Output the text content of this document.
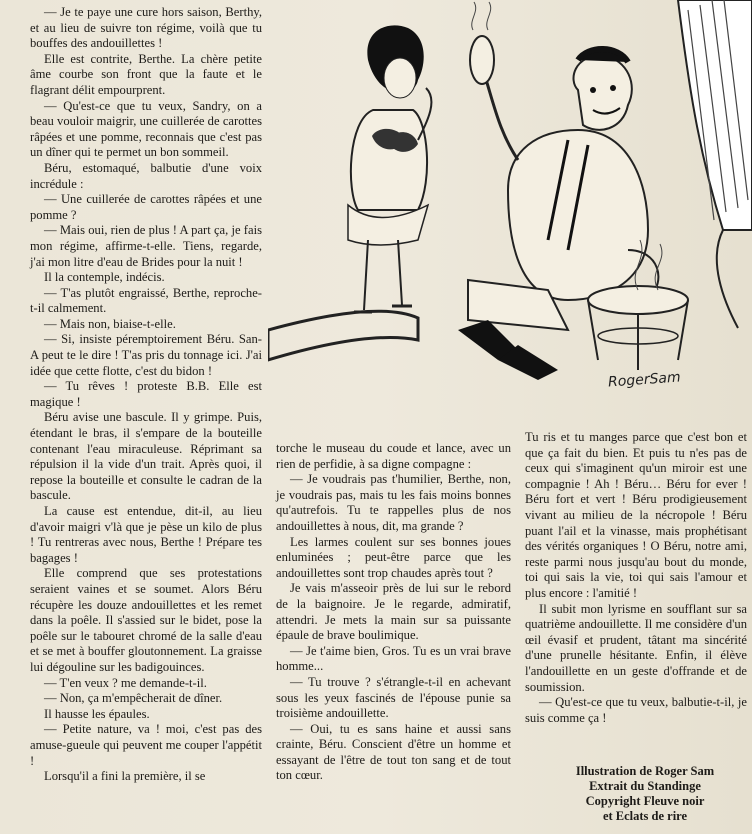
RogerSam

— Je te paye une cure hors saison, Berthy, et au lieu de suivre ton régime, voilà que tu bouffes des andouillettes !

Elle est contrite, Berthe. La chère petite âme courbe son front que la faute et le flagrant délit empourprent.

— Qu'est-ce que tu veux, Sandry, on a beau vouloir maigrir, une cuillerée de carottes râpées et une pomme, reconnais que c'est pas un dîner qui te permet un bon sommeil.

Béru, estomaqué, balbutie d'une voix incrédule :

— Une cuillerée de carottes râpées et une pomme ?

— Mais oui, rien de plus ! A part ça, je fais mon régime, affirme-t-elle. Tiens, regarde, j'ai mon litre d'eau de Brides pour la nuit !

Il la contemple, indécis.

— T'as plutôt engraissé, Berthe, reproche-t-il calmement.

— Mais non, biaise-t-elle.

— Si, insiste péremptoirement Béru. San-A peut te le dire ! T'as pris du tonnage ici. J'ai idée que cette flotte, c'est du bidon !

— Tu rêves ! proteste B.B. Elle est magique !

Béru avise une bascule. Il y grimpe. Puis, étendant le bras, il s'empare de la bouteille contenant l'eau miraculeuse. Réprimant sa répulsion il la vide d'un trait. Après quoi, il repose la bouteille et consulte le cadran de la bascule.

La cause est entendue, dit-il, au lieu d'avoir maigri v'là que je pèse un kilo de plus ! Tu rentreras avec nous, Berthe ! Prépare tes bagages !

Elle comprend que ses protestations seraient vaines et se soumet. Alors Béru récupère les douze andouillettes et les remet dans la poêle. Il s'assied sur le bidet, pose la poêle sur le tabouret chromé de la salle d'eau et se met à bouffer gloutonnement. La graisse lui dégouline sur les badigouinces.

— T'en veux ? me demande-t-il.

— Non, ça m'empêcherait de dîner.

Il hausse les épaules.

— Petite nature, va ! moi, c'est pas des amuse-gueule qui peuvent me couper l'appétit !

Lorsqu'il a fini la première, il se

torche le museau du coude et lance, avec un rien de perfidie, à sa digne compagne :

— Je voudrais pas t'humilier, Berthe, non, je voudrais pas, mais tu les fais moins bonnes qu'autrefois. Tu te rappelles plus de nos andouillettes à nous, dit, ma grande ?

Les larmes coulent sur ses bonnes joues enluminées ; peut-être parce que les andouillettes sont trop chaudes après tout ?

Je vais m'asseoir près de lui sur le rebord de la baignoire. Je le regarde, admiratif, attendri. Je mets la main sur sa puissante épaule de brave boulimique.

— Je t'aime bien, Gros. Tu es un vrai brave homme...

— Tu trouve ? s'étrangle-t-il en achevant sous les yeux fascinés de l'épouse punie sa troisième andouillette.

— Oui, tu es sans haine et aussi sans crainte, Béru. Conscient d'être un homme et essayant de l'être de tout ton sang et de tout ton cœur.

Tu ris et tu manges parce que c'est bon et que ça fait du bien. Et puis tu n'es pas de ceux qui s'imaginent qu'un miroir est une compagnie ! Ah ! Béru… Béru for ever ! Béru fort et vert ! Béru prodigieusement vivant au milieu de la nécropole ! Béru puant l'ail et la vinasse, mais prophétisant des vérités organiques ! O Béru, notre ami, reste parmi nous jusqu'au bout du monde, toi qui sais la vie, toi qui sais l'amour et plus encore : l'amitié !

Il subit mon lyrisme en soufflant sur sa quatrième andouillette. Il me considère d'un œil évasif et prudent, tâtant ma sincérité d'une prunelle hésitante. Enfin, il élève l'andouillette en un geste d'offrande et de soumission.

— Qu'est-ce que tu veux, balbutie-t-il, je suis comme ça !

Illustration de Roger Sam
Extrait du Standinge
Copyright Fleuve noir
et Eclats de rire
